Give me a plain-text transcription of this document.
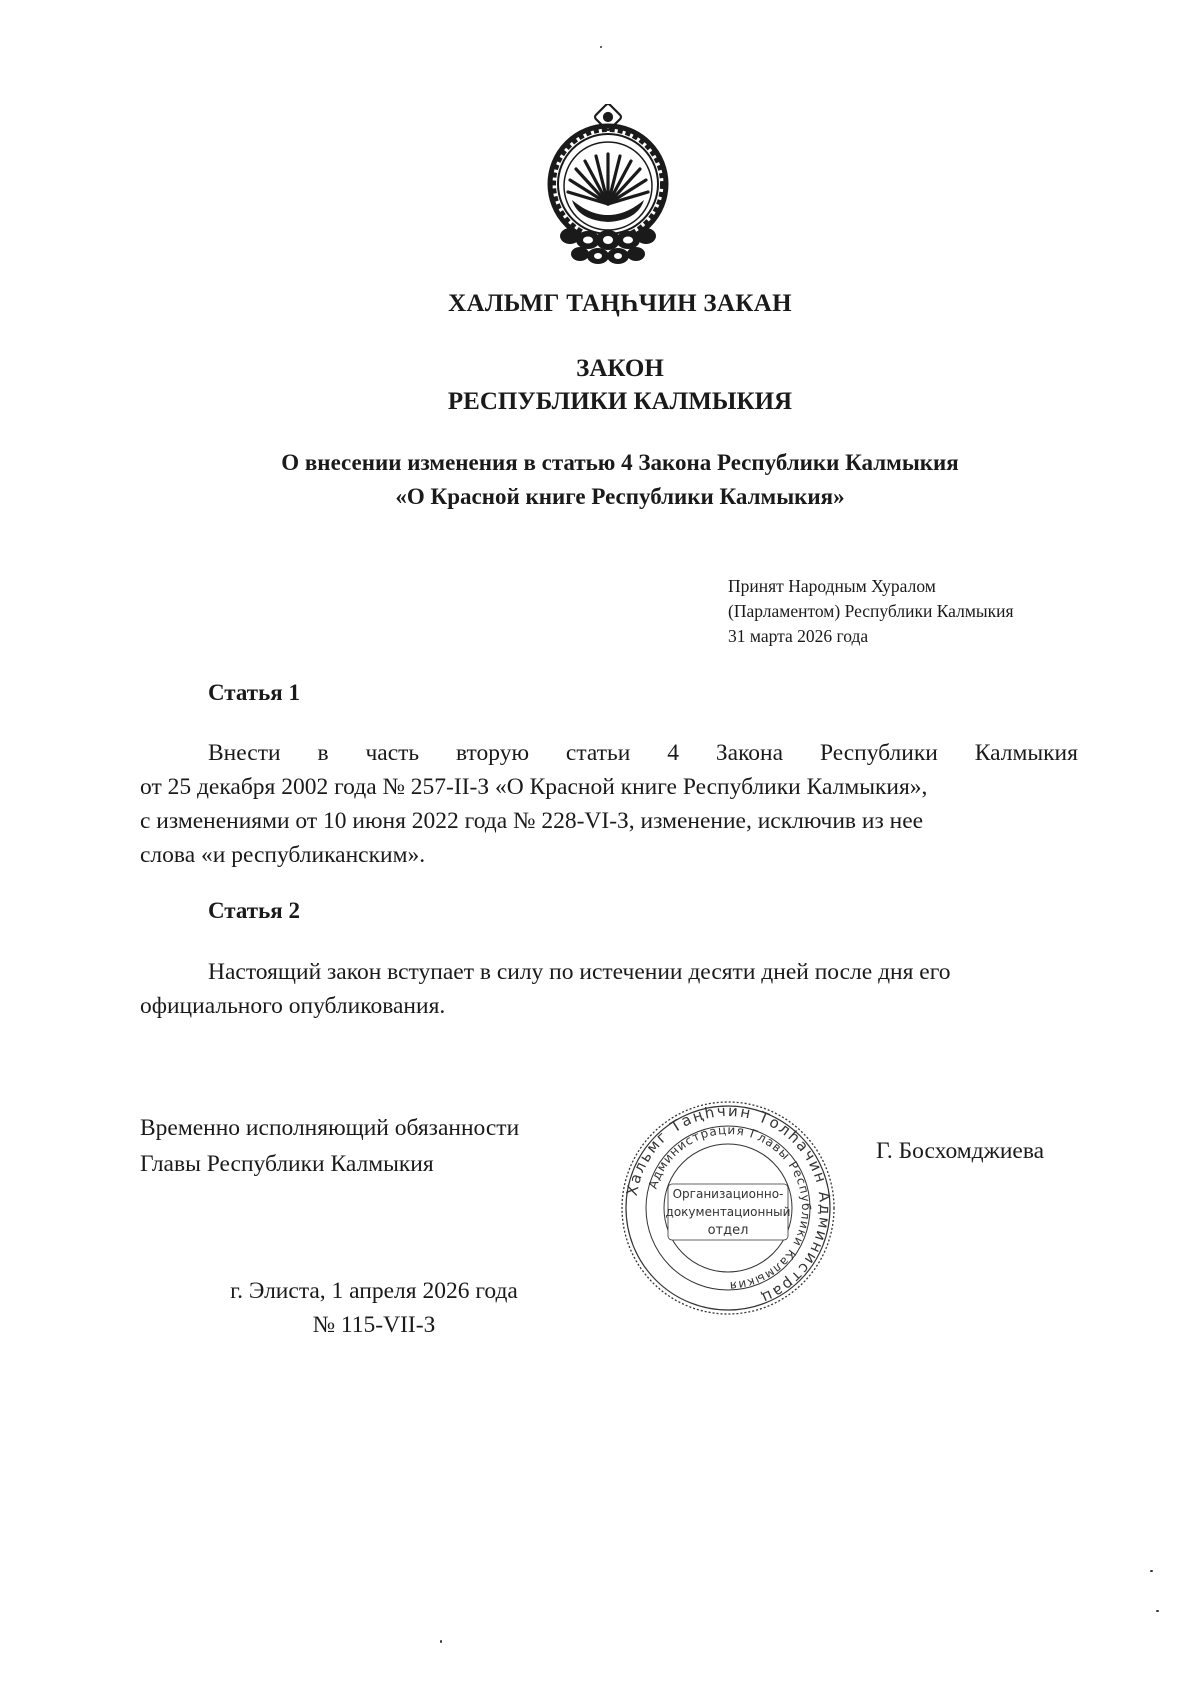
ХАЛЬМГ ТАҢҺЧИН ЗАКАН
ЗАКОН
РЕСПУБЛИКИ КАЛМЫКИЯ
О внесении изменения в статью 4 Закона Республики Калмыкия
«О Красной книге Республики Калмыкия»
Принят Народным Хуралом
(Парламентом) Республики Калмыкия
31 марта 2026 года
Статья 1
Внести в часть вторую статьи 4 Закона Республики Калмыкия
от 25 декабря 2002 года № 257-II-З «О Красной книге Республики Калмыкия»,
с изменениями от 10 июня 2022 года № 228-VI-З, изменение, исключив из нее
слова «и республиканским».
Статья 2
Настоящий закон вступает в силу по истечении десяти дней после дня его
официального опубликования.
Временно исполняющий обязанности
Главы Республики Калмыкия
Хальмг Таңһчин Толһачин Администрац
Администрация Главы Республики Калмыкия
Организационно-
документационный
отдел
Г. Босхомджиева
г. Элиста, 1 апреля 2026 года
№ 115-VII-З
